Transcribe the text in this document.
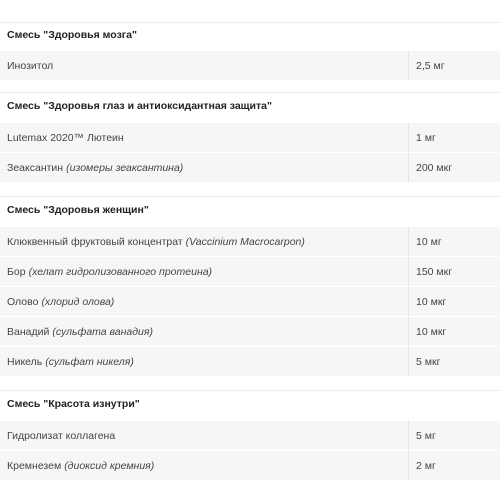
Смесь "Здоровья мозга"
Инозитол	2,5 мг
Смесь "Здоровья глаз и антиоксидантная защита"
Lutemax 2020™ Лютеин	1 мг
Зеаксантин (изомеры зеаксантина)	200 мкг
Смесь "Здоровья женщин"
Клюквенный фруктовый концентрат (Vaccinium Macrocarpon)	10 мг
Бор (хелат гидролизованного протеина)	150 мкг
Олово (хлорид олова)	10 мкг
Ванадий (сульфата ванадия)	10 мкг
Никель (сульфат никеля)	5 мкг
Смесь "Красота изнутри"
Гидролизат коллагена	5 мг
Кремнезем (диоксид кремния)	2 мг
